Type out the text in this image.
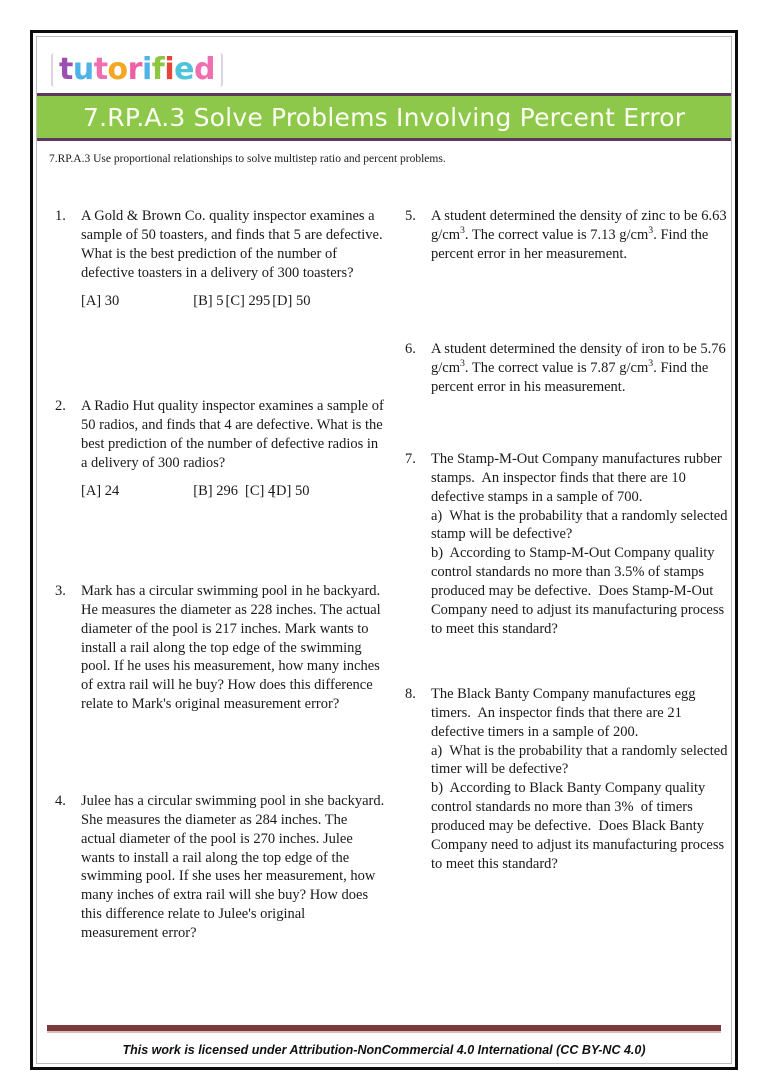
tutorified
7.RP.A.3 Solve Problems Involving Percent Error
7.RP.A.3 Use proportional relationships to solve multistep ratio and percent problems.
1.	A Gold & Brown Co. quality inspector examines a sample of 50 toasters, and finds that 5 are defective. What is the best prediction of the number of defective toasters in a delivery of 300 toasters?
[A] 30	[B] 5 [C] 295 [D] 50
2.	A Radio Hut quality inspector examines a sample of 50 radios, and finds that 4 are defective. What is the best prediction of the number of defective radios in a delivery of 300 radios?
[A] 24	[B] 296 [C] 4
[D] 50
3.	Mark has a circular swimming pool in he backyard. He measures the diameter as 228 inches. The actual diameter of the pool is 217 inches. Mark wants to install a rail along the top edge of the swimming pool. If he uses his measurement, how many inches of extra rail will he buy? How does this difference relate to Mark's original measurement error?
4.	Julee has a circular swimming pool in she backyard. She measures the diameter as 284 inches. The actual diameter of the pool is 270 inches. Julee wants to install a rail along the top edge of the swimming pool. If she uses her measurement, how many inches of extra rail will she buy? How does this difference relate to Julee's original measurement error?
5.	A student determined the density of zinc to be 6.63 $g/cm^3$. The correct value is 7.13 $g/cm^3$. Find the percent error in her measurement.
6.	A student determined the density of iron to be 5.76 $g/cm^3$. The correct value is 7.87 $g/cm^3$. Find the percent error in his measurement.
7.	The Stamp-M-Out Company manufactures rubber stamps.  An inspector finds that there are 10 defective stamps in a sample of 700.
a)  What is the probability that a randomly selected stamp will be defective?
b)  According to Stamp-M-Out Company quality control standards no more than 3.5% of stamps produced may be defective.  Does Stamp-M-Out Company need to adjust its manufacturing process to meet this standard?
8.	The Black Banty Company manufactures egg timers.  An inspector finds that there are 21 defective timers in a sample of 200.
a)  What is the probability that a randomly selected timer will be defective?
b)  According to Black Banty Company quality control standards no more than 3%  of timers produced may be defective.  Does Black Banty Company need to adjust its manufacturing process to meet this standard?
This work is licensed under Attribution-NonCommercial 4.0 International (CC BY-NC 4.0)
